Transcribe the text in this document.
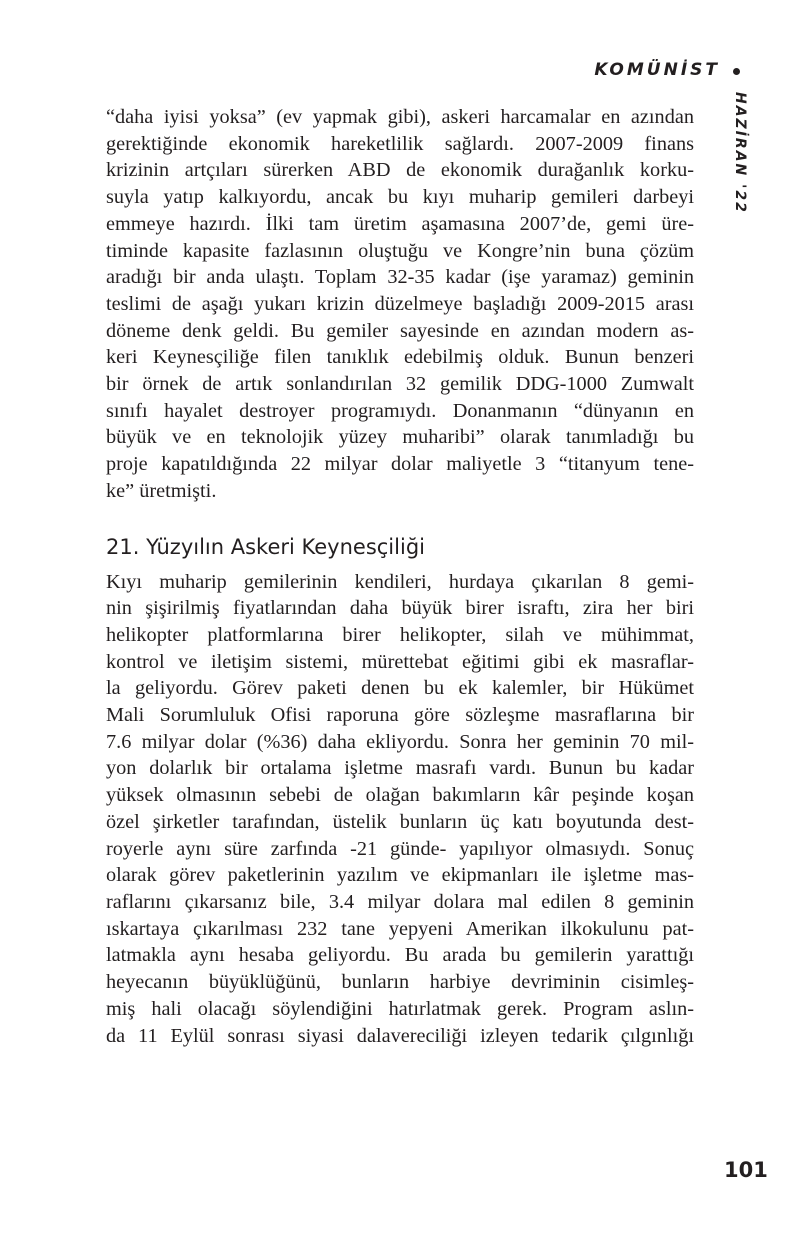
KOMÜNİST
HAZİRAN '22

“daha iyisi yoksa” (ev yapmak gibi), askeri harcamalar en azından
gerektiğinde ekonomik hareketlilik sağlardı. 2007-2009 finans
krizinin artçıları sürerken ABD de ekonomik durağanlık korku-
suyla yatıp kalkıyordu, ancak bu kıyı muharip gemileri darbeyi
emmeye hazırdı. İlki tam üretim aşamasına 2007’de, gemi üre-
timinde kapasite fazlasının oluştuğu ve Kongre’nin buna çözüm
aradığı bir anda ulaştı. Toplam 32-35 kadar (işe yaramaz) geminin
teslimi de aşağı yukarı krizin düzelmeye başladığı 2009-2015 arası
döneme denk geldi. Bu gemiler sayesinde en azından modern as-
keri Keynesçiliğe filen tanıklık edebilmiş olduk. Bunun benzeri
bir örnek de artık sonlandırılan 32 gemilik DDG-1000 Zumwalt
sınıfı hayalet destroyer programıydı. Donanmanın “dünyanın en
büyük ve en teknolojik yüzey muharibi” olarak tanımladığı bu
proje kapatıldığında 22 milyar dolar maliyetle 3 “titanyum tene-
ke” üretmişti.

21. Yüzyılın Askeri Keynesçiliği

Kıyı muharip gemilerinin kendileri, hurdaya çıkarılan 8 gemi-
nin şişirilmiş fiyatlarından daha büyük birer israftı, zira her biri
helikopter platformlarına birer helikopter, silah ve mühimmat,
kontrol ve iletişim sistemi, mürettebat eğitimi gibi ek masraflar-
la geliyordu. Görev paketi denen bu ek kalemler, bir Hükümet
Mali Sorumluluk Ofisi raporuna göre sözleşme masraflarına bir
7.6 milyar dolar (%36) daha ekliyordu. Sonra her geminin 70 mil-
yon dolarlık bir ortalama işletme masrafı vardı. Bunun bu kadar
yüksek olmasının sebebi de olağan bakımların kâr peşinde koşan
özel şirketler tarafından, üstelik bunların üç katı boyutunda dest-
royerle aynı süre zarfında -21 günde- yapılıyor olmasıydı. Sonuç
olarak görev paketlerinin yazılım ve ekipmanları ile işletme mas-
raflarını çıkarsanız bile, 3.4 milyar dolara mal edilen 8 geminin
ıskartaya çıkarılması 232 tane yepyeni Amerikan ilkokulunu pat-
latmakla aynı hesaba geliyordu. Bu arada bu gemilerin yarattığı
heyecanın büyüklüğünü, bunların harbiye devriminin cisimleş-
miş hali olacağı söylendiğini hatırlatmak gerek. Program aslın-
da 11 Eylül sonrası siyasi dalavereciliği izleyen tedarik çılgınlığı

101
